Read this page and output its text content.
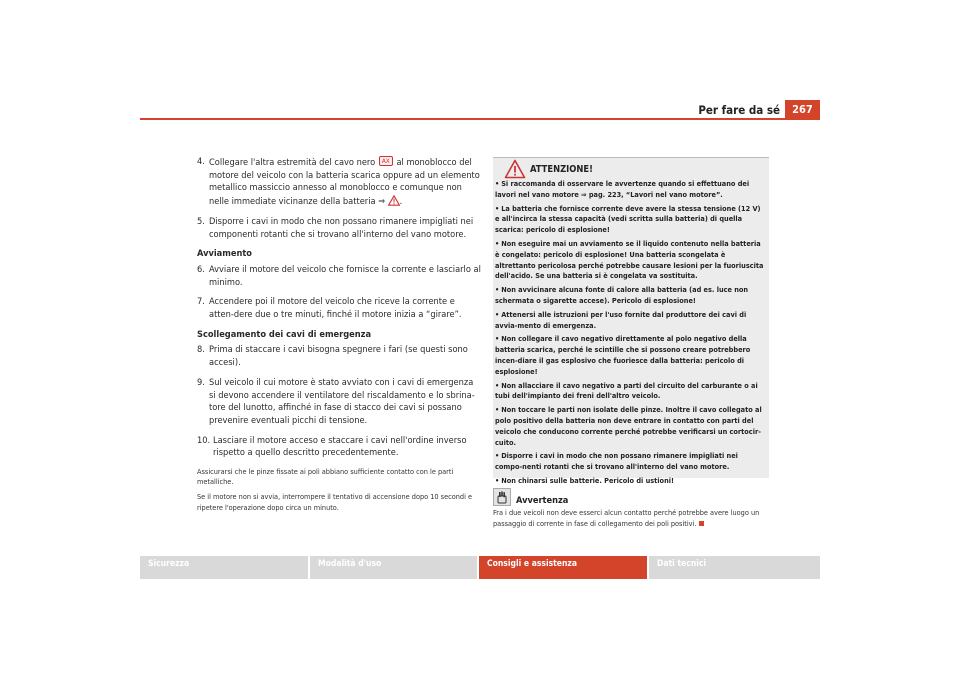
Per fare da sé	267
4. Collegare l'altra estremità del cavo nero AX al monoblocco del motore del veicolo con la batteria scarica oppure ad un elemento metallico massiccio annesso al monoblocco e comunque non nelle immediate vicinanze della batteria ⇒ .
5. Disporre i cavi in modo che non possano rimanere impigliati nei componenti rotanti che si trovano all'interno del vano motore.
Avviamento
6. Avviare il motore del veicolo che fornisce la corrente e lasciarlo al minimo.
7. Accendere poi il motore del veicolo che riceve la corrente e atten-dere due o tre minuti, finché il motore inizia a “girare”.
Scollegamento dei cavi di emergenza
8. Prima di staccare i cavi bisogna spegnere i fari (se questi sono accesi).
9. Sul veicolo il cui motore è stato avviato con i cavi di emergenza si devono accendere il ventilatore del riscaldamento e lo sbrina-tore del lunotto, affinché in fase di stacco dei cavi si possano prevenire eventuali picchi di tensione.
10. Lasciare il motore acceso e staccare i cavi nell'ordine inverso rispetto a quello descritto precedentemente.
Assicurarsi che le pinze fissate ai poli abbiano sufficiente contatto con le parti metalliche.
Se il motore non si avvia, interrompere il tentativo di accensione dopo 10 secondi e ripetere l'operazione dopo circa un minuto.
• Si raccomanda di osservare le avvertenze quando si effettuano dei lavori nel vano motore ⇒ pag. 223, “Lavori nel vano motore”.
• La batteria che fornisce corrente deve avere la stessa tensione (12 V) e all'incirca la stessa capacità (vedi scritta sulla batteria) di quella scarica: pericolo di esplosione!
• Non eseguire mai un avviamento se il liquido contenuto nella batteria è congelato: pericolo di esplosione! Una batteria scongelata è altrettanto pericolosa perché potrebbe causare lesioni per la fuoriuscita dell'acido. Se una batteria si è congelata va sostituita.
• Non avvicinare alcuna fonte di calore alla batteria (ad es. luce non schermata o sigarette accese). Pericolo di esplosione!
• Attenersi alle istruzioni per l'uso fornite dal produttore dei cavi di avvia-mento di emergenza.
• Non collegare il cavo negativo direttamente al polo negativo della batteria scarica, perché le scintille che si possono creare potrebbero incen-diare il gas esplosivo che fuoriesce dalla batteria: pericolo di esplosione!
• Non allacciare il cavo negativo a parti del circuito del carburante o ai tubi dell'impianto dei freni dell'altro veicolo.
• Non toccare le parti non isolate delle pinze. Inoltre il cavo collegato al polo positivo della batteria non deve entrare in contatto con parti del veicolo che conducono corrente perché potrebbe verificarsi un cortocir-cuito.
• Disporre i cavi in modo che non possano rimanere impigliati nei compo-nenti rotanti che si trovano all'interno del vano motore.
• Non chinarsi sulle batterie. Pericolo di ustioni!
ATTENZIONE!
Avvertenza
Fra i due veicoli non deve esserci alcun contatto perché potrebbe avere luogo un passaggio di corrente in fase di collegamento dei poli positivi.
Sicurezza	Modalità d'uso	Consigli e assistenza	Dati tecnici
